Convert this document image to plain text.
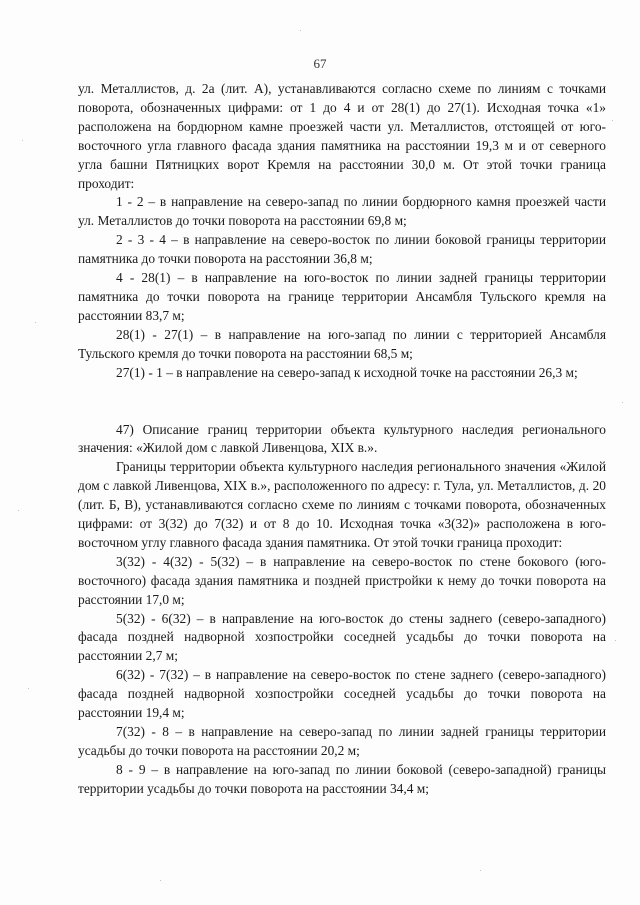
67

ул. Металлистов, д. 2а (лит. А), устанавливаются согласно схеме по линиям с точками поворота, обозначенных цифрами: от 1 до 4 и от 28(1) до 27(1). Исходная точка «1» расположена на бордюрном камне проезжей части ул. Металлистов, отстоящей от юго-восточного угла главного фасада здания памятника на расстоянии 19,3 м и от северного угла башни Пятницких ворот Кремля на расстоянии 30,0 м. От этой точки граница проходит:

1 - 2 – в направление на северо-запад по линии бордюрного камня проезжей части ул. Металлистов до точки поворота на расстоянии 69,8 м;

2 - 3 - 4 – в направление на северо-восток по линии боковой границы территории памятника до точки поворота на расстоянии 36,8 м;

4 - 28(1) – в направление на юго-восток по линии задней границы территории памятника до точки поворота на границе территории Ансамбля Тульского кремля на расстоянии 83,7 м;

28(1) - 27(1) – в направление на юго-запад по линии с территорией Ансамбля Тульского кремля до точки поворота на расстоянии 68,5 м;

27(1) - 1 – в направление на северо-запад к исходной точке на расстоянии 26,3 м;

47) Описание границ территории объекта культурного наследия регионального значения: «Жилой дом с лавкой Ливенцова, XIX в.».

Границы территории объекта культурного наследия регионального значения «Жилой дом с лавкой Ливенцова, XIX в.», расположенного по адресу: г. Тула, ул. Металлистов, д. 20 (лит. Б, В), устанавливаются согласно схеме по линиям с точками поворота, обозначенных цифрами: от 3(32) до 7(32) и от 8 до 10. Исходная точка «3(32)» расположена в юго-восточном углу главного фасада здания памятника. От этой точки граница проходит:

3(32) - 4(32) - 5(32) – в направление на северо-восток по стене бокового (юго-восточного) фасада здания памятника и поздней пристройки к нему до точки поворота на расстоянии 17,0 м;

5(32) - 6(32) – в направление на юго-восток до стены заднего (северо-западного) фасада поздней надворной хозпостройки соседней усадьбы до точки поворота на расстоянии 2,7 м;

6(32) - 7(32) – в направление на северо-восток по стене заднего (северо-западного) фасада поздней надворной хозпостройки соседней усадьбы до точки поворота на расстоянии 19,4 м;

7(32) - 8 – в направление на северо-запад по линии задней границы территории усадьбы до точки поворота на расстоянии 20,2 м;

8 - 9 – в направление на юго-запад по линии боковой (северо-западной) границы территории усадьбы до точки поворота на расстоянии 34,4 м;
